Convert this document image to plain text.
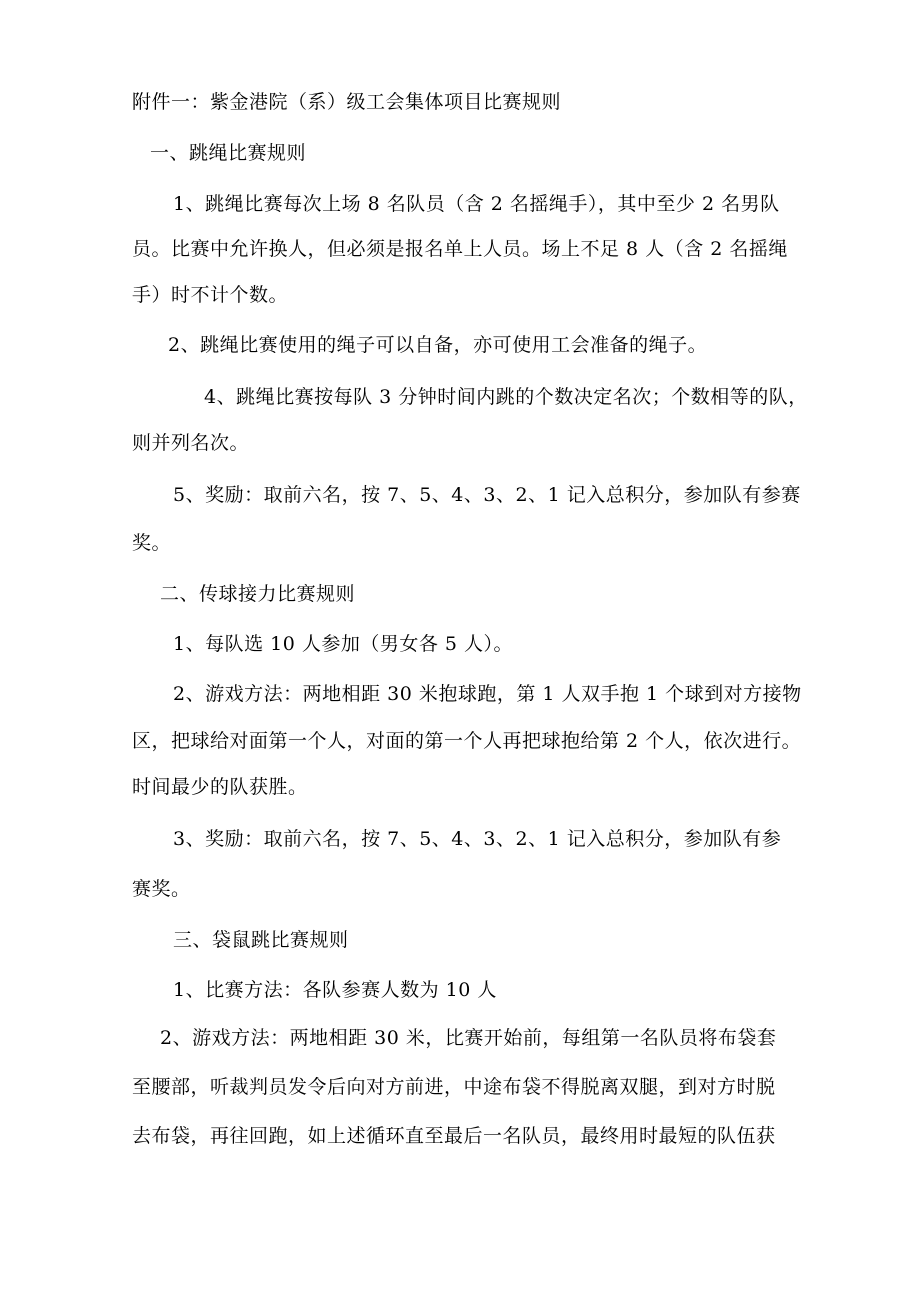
附件一：紫金港院（系）级工会集体项目比赛规则
一、跳绳比赛规则
1、跳绳比赛每次上场 8 名队员（含 2 名摇绳手），其中至少 2 名男队
员。比赛中允许换人，但必须是报名单上人员。场上不足 8 人（含 2 名摇绳
手）时不计个数。
2、跳绳比赛使用的绳子可以自备，亦可使用工会准备的绳子。
4、跳绳比赛按每队 3 分钟时间内跳的个数决定名次；个数相等的队，
则并列名次。
5、奖励：取前六名，按 7、5、4、3、2、1 记入总积分，参加队有参赛
奖。
二、传球接力比赛规则
1、每队选 10 人参加（男女各 5 人）。
2、游戏方法：两地相距 30 米抱球跑，第 1 人双手抱 1 个球到对方接物
区，把球给对面第一个人，对面的第一个人再把球抱给第 2 个人，依次进行。
时间最少的队获胜。
3、奖励：取前六名，按 7、5、4、3、2、1 记入总积分，参加队有参
赛奖。
三、袋鼠跳比赛规则
1、比赛方法：各队参赛人数为 10 人
2、游戏方法：两地相距 30 米，比赛开始前，每组第一名队员将布袋套
至腰部，听裁判员发令后向对方前进，中途布袋不得脱离双腿，到对方时脱
去布袋，再往回跑，如上述循环直至最后一名队员，最终用时最短的队伍获
